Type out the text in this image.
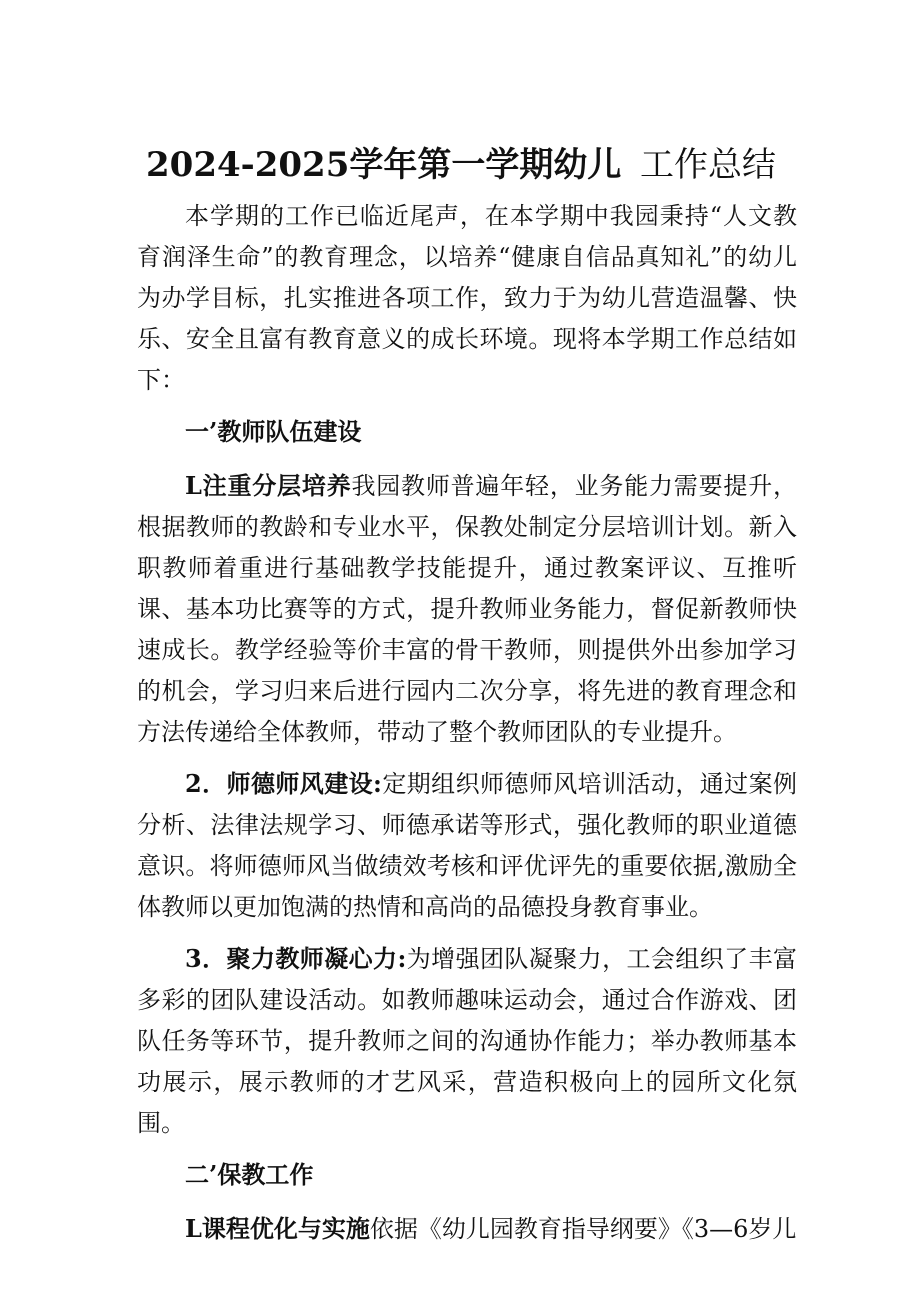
2024-2025学年第一学期幼儿 工作总结

本学期的工作已临近尾声，在本学期中我园秉持“人文教育润泽生命”的教育理念，以培养“健康自信品真知礼”的幼儿为办学目标，扎实推进各项工作，致力于为幼儿营造温馨、快乐、安全且富有教育意义的成长环境。现将本学期工作总结如下：

一’教师队伍建设

L注重分层培养我园教师普遍年轻，业务能力需要提升，根据教师的教龄和专业水平，保教处制定分层培训计划。新入职教师着重进行基础教学技能提升，通过教案评议、互推听课、基本功比赛等的方式，提升教师业务能力，督促新教师快速成长。教学经验等价丰富的骨干教师，则提供外出参加学习的机会，学习归来后进行园内二次分享，将先进的教育理念和方法传递给全体教师，带动了整个教师团队的专业提升。

2．师德师风建设:定期组织师德师风培训活动，通过案例分析、法律法规学习、师德承诺等形式，强化教师的职业道德意识。将师德师风当做绩效考核和评优评先的重要依据,激励全体教师以更加饱满的热情和高尚的品德投身教育事业。

3．聚力教师凝心力:为增强团队凝聚力，工会组织了丰富多彩的团队建设活动。如教师趣味运动会，通过合作游戏、团队任务等环节，提升教师之间的沟通协作能力；举办教师基本功展示，展示教师的才艺风采，营造积极向上的园所文化氛围。

二’保教工作

L课程优化与实施依据《幼儿园教育指导纲要》《3—6岁儿
